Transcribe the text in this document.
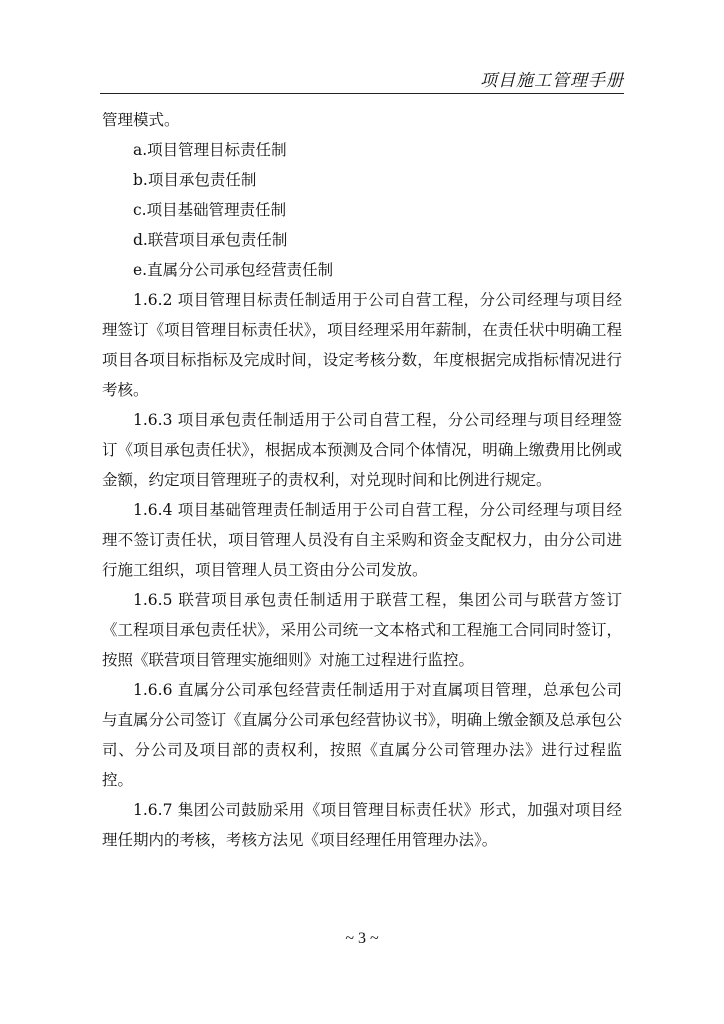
项目施工管理手册

管理模式。

a.项目管理目标责任制

b.项目承包责任制

c.项目基础管理责任制

d.联营项目承包责任制

e.直属分公司承包经营责任制

1.6.2 项目管理目标责任制适用于公司自营工程，分公司经理与项目经理签订《项目管理目标责任状》，项目经理采用年薪制，在责任状中明确工程项目各项目标指标及完成时间，设定考核分数，年度根据完成指标情况进行考核。

1.6.3 项目承包责任制适用于公司自营工程，分公司经理与项目经理签订《项目承包责任状》，根据成本预测及合同个体情况，明确上缴费用比例或金额，约定项目管理班子的责权利，对兑现时间和比例进行规定。

1.6.4 项目基础管理责任制适用于公司自营工程，分公司经理与项目经理不签订责任状，项目管理人员没有自主采购和资金支配权力，由分公司进行施工组织，项目管理人员工资由分公司发放。

1.6.5 联营项目承包责任制适用于联营工程，集团公司与联营方签订《工程项目承包责任状》，采用公司统一文本格式和工程施工合同同时签订，按照《联营项目管理实施细则》对施工过程进行监控。

1.6.6 直属分公司承包经营责任制适用于对直属项目管理，总承包公司与直属分公司签订《直属分公司承包经营协议书》，明确上缴金额及总承包公司、分公司及项目部的责权利，按照《直属分公司管理办法》进行过程监控。

1.6.7 集团公司鼓励采用《项目管理目标责任状》形式，加强对项目经理任期内的考核，考核方法见《项目经理任用管理办法》。

~ 3 ~
